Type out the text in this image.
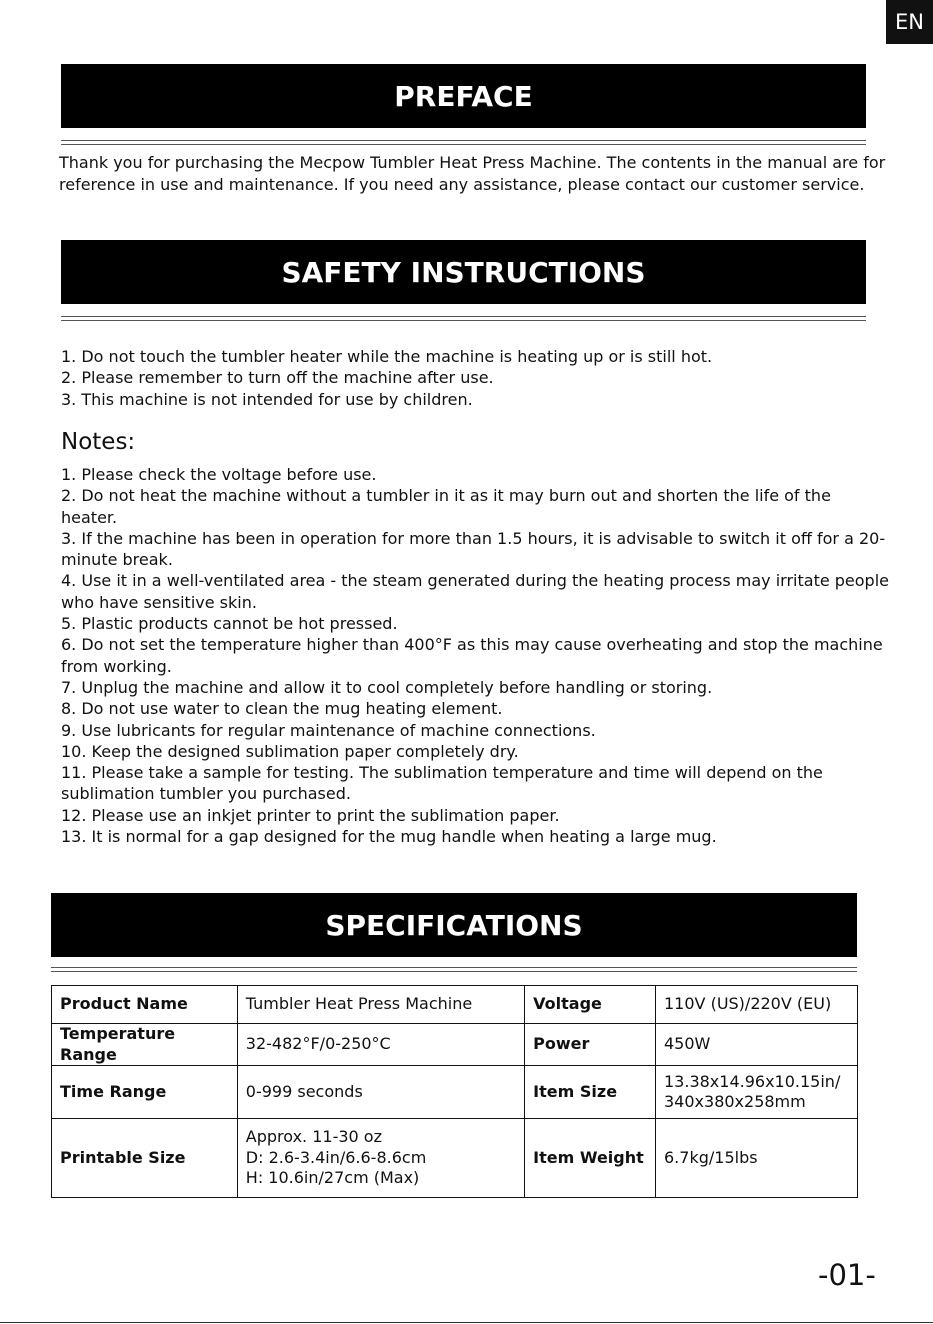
EN
PREFACE
Thank you for purchasing the Mecpow Tumbler Heat Press Machine. The contents in the manual are for reference in use and maintenance. If you need any assistance, please contact our customer service.
SAFETY INSTRUCTIONS
1. Do not touch the tumbler heater while the machine is heating up or is still hot.
2. Please remember to turn off the machine after use.
3. This machine is not intended for use by children.
Notes:
1. Please check the voltage before use.
2. Do not heat the machine without a tumbler in it as it may burn out and shorten the life of the heater.
3. If the machine has been in operation for more than 1.5 hours, it is advisable to switch it off for a 20-minute break.
4. Use it in a well-ventilated area - the steam generated during the heating process may irritate people who have sensitive skin.
5. Plastic products cannot be hot pressed.
6. Do not set the temperature higher than 400°F as this may cause overheating and stop the machine from working.
7. Unplug the machine and allow it to cool completely before handling or storing.
8. Do not use water to clean the mug heating element.
9. Use lubricants for regular maintenance of machine connections.
10. Keep the designed sublimation paper completely dry.
11. Please take a sample for testing. The sublimation temperature and time will depend on the sublimation tumbler you purchased.
12. Please use an inkjet printer to print the sublimation paper.
13. It is normal for a gap designed for the mug handle when heating a large mug.
SPECIFICATIONS
Product Name	Tumbler Heat Press Machine	Voltage	110V (US)/220V (EU)
Temperature Range	32-482°F/0-250°C	Power	450W
Time Range	0-999 seconds	Item Size	13.38x14.96x10.15in/
340x380x258mm
Printable Size	Approx. 11-30 oz
D: 2.6-3.4in/6.6-8.6cm
H: 10.6in/27cm (Max)	Item Weight	6.7kg/15lbs
-01-
